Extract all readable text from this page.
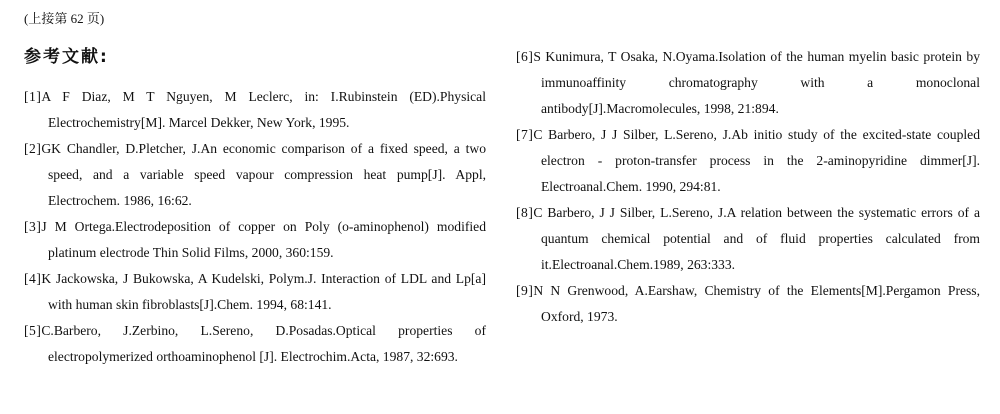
(上接第 62 页)
参考文献:
[1]A F Diaz, M T Nguyen, M Leclerc, in: I.Rubinstein (ED).Physical Electrochemistry[M]. Marcel Dekker, New York, 1995.
[2]GK Chandler, D.Pletcher, J.An economic comparison of a fixed speed, a two speed, and a variable speed vapour compression heat pump[J]. Appl, Electrochem. 1986, 16:62.
[3]J M Ortega.Electrodeposition of copper on Poly (o-aminophenol) modified platinum electrode Thin Solid Films, 2000, 360:159.
[4]K Jackowska, J Bukowska, A Kudelski, Polym.J. Interaction of LDL and Lp[a] with human skin fibroblasts[J].Chem. 1994, 68:141.
[5]C.Barbero, J.Zerbino, L.Sereno, D.Posadas.Optical properties of electropolymerized orthoaminophenol [J]. Electrochim.Acta, 1987, 32:693.
[6]S Kunimura, T Osaka, N.Oyama.Isolation of the human myelin basic protein by immunoaffinity chromatography with a monoclonal antibody[J].Macromolecules, 1998, 21:894.
[7]C Barbero, J J Silber, L.Sereno, J.Ab initio study of the excited-state coupled electron - proton-transfer process in the 2-aminopyridine dimmer[J]. Electroanal.Chem. 1990, 294:81.
[8]C Barbero, J J Silber, L.Sereno, J.A relation between the systematic errors of a quantum chemical potential and of fluid properties calculated from it.Electroanal.Chem.1989, 263:333.
[9]N N Grenwood, A.Earshaw, Chemistry of the Elements[M].Pergamon Press, Oxford, 1973.
